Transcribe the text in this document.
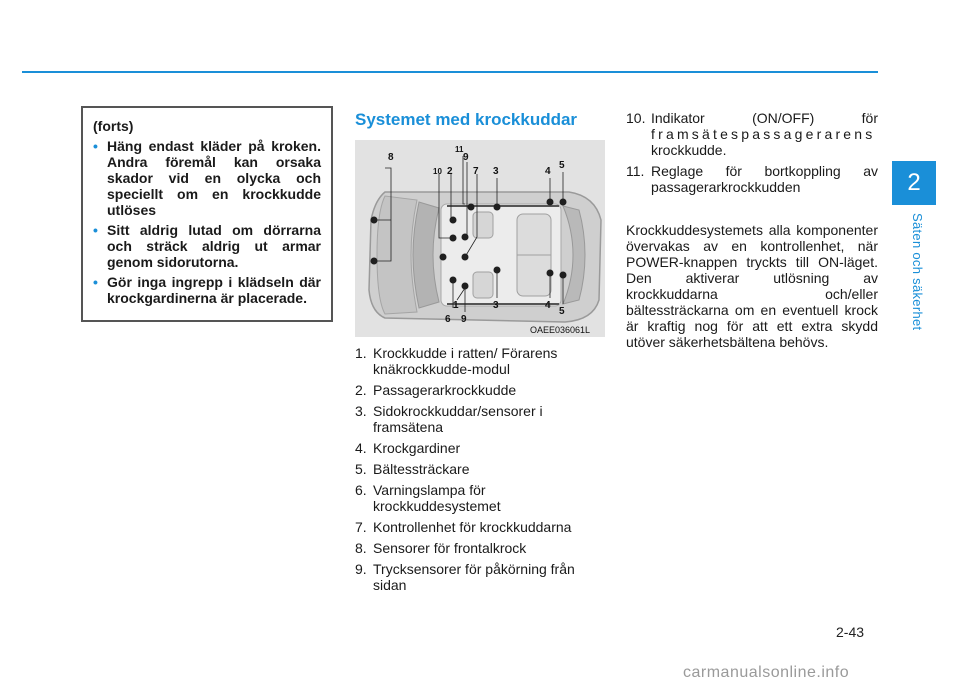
2
Säten och säkerhet
(forts)
• Häng endast kläder på kroken. Andra föremål kan orsaka skador vid en olycka och speciellt om en krockkudde utlöses
• Sitt aldrig lutad om dörrarna och sträck aldrig ut armar genom sidorutorna.
• Gör inga ingrepp i klädseln där krockgardinerna är placerade.
Systemet med krockkuddar
8
11
10 2
9
7 3	4
5
1
6 9
3	4
5
OAEE036061L
1. Krockkudde i ratten/ Förarens knäkrockkudde-modul
2. Passagerarkrockkudde
3. Sidokrockkuddar/sensorer i framsätena
4. Krockgardiner
5. Bältessträckare
6. Varningslampa för krockkuddesystemet
7. Kontrollenhet för krockkuddarna
8. Sensorer för frontalkrock
9. Trycksensorer för påkörning från sidan
10. Indikator (ON/OFF) för
framsätespassagerarens
krockkudde.
11. Reglage för bortkoppling av passagerarkrockkudden

Krockkuddesystemets alla komponenter övervakas av en kontrollenhet, när POWER-knappen tryckts till ON-läget. Den aktiverar utlösning av krockkuddarna och/eller bältessträckarna om en eventuell krock är kraftig nog för att ett extra skydd utöver säkerhetsbältena behövs.

2-43
carmanualsonline.info
